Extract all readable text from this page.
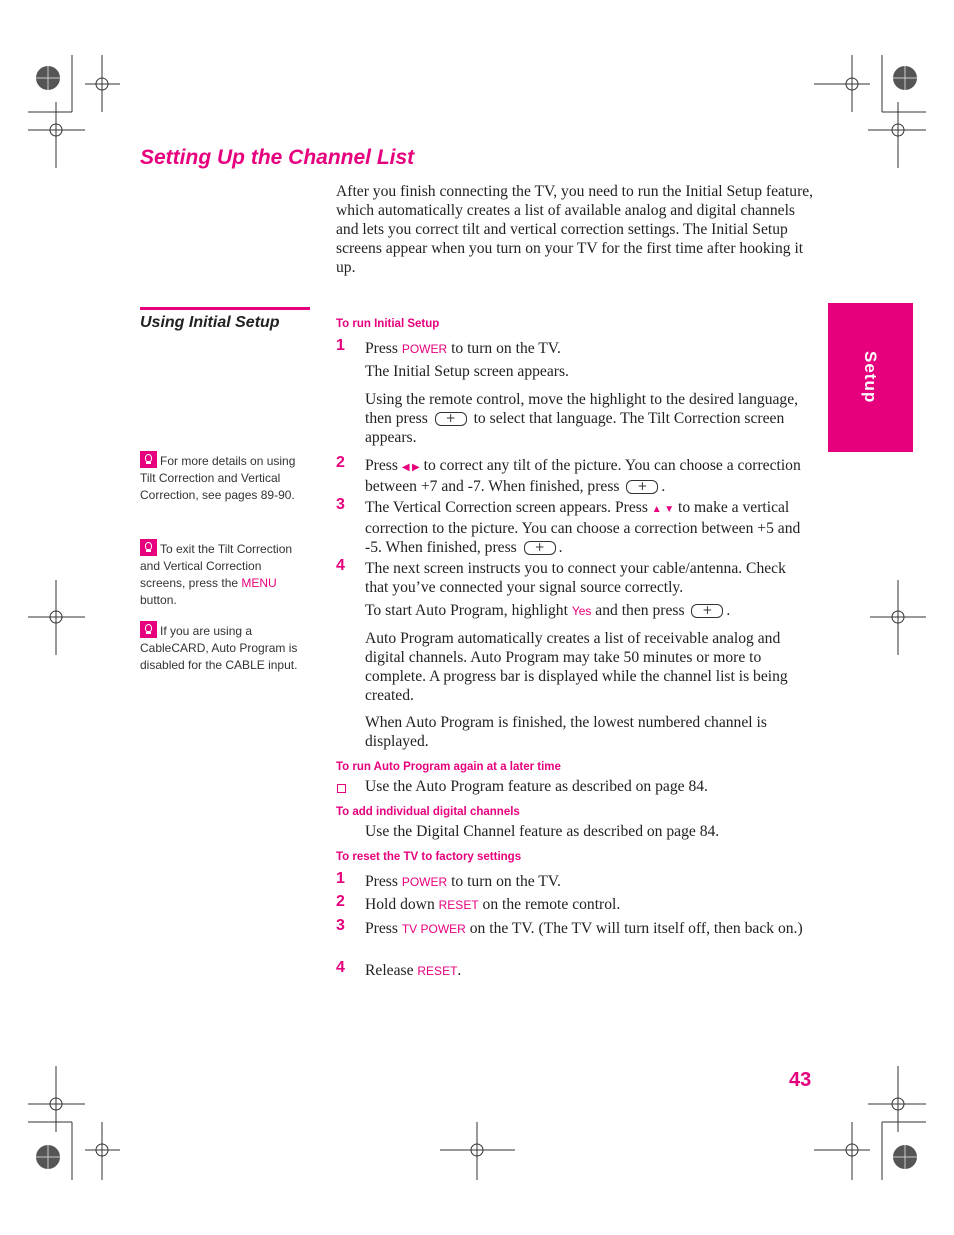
Setting Up the Channel List
After you finish connecting the TV, you need to run the Initial Setup feature, which automatically creates a list of available analog and digital channels and lets you correct tilt and vertical correction settings. The Initial Setup screens appear when you turn on your TV for the first time after hooking it up.
Using Initial Setup
Setup
For more details on using Tilt Correction and Vertical Correction, see pages 89-90.
To exit the Tilt Correction and Vertical Correction screens, press the MENU button.
If you are using a CableCARD, Auto Program is disabled for the CABLE input.
To run Initial Setup
1 Press POWER to turn on the TV.
The Initial Setup screen appears.
Using the remote control, move the highlight to the desired language, then press + to select that language. The Tilt Correction screen appears.
2 Press ◀ ▶ to correct any tilt of the picture. You can choose a correction between +7 and -7. When finished, press +.
3 The Vertical Correction screen appears. Press ▲ ▼ to make a vertical correction to the picture. You can choose a correction between +5 and -5. When finished, press +.
4 The next screen instructs you to connect your cable/antenna. Check that you’ve connected your signal source correctly.
To start Auto Program, highlight Yes and then press +.
Auto Program automatically creates a list of receivable analog and digital channels. Auto Program may take 50 minutes or more to complete. A progress bar is displayed while the channel list is being created.
When Auto Program is finished, the lowest numbered channel is displayed.
To run Auto Program again at a later time
Use the Auto Program feature as described on page 84.
To add individual digital channels
Use the Digital Channel feature as described on page 84.
To reset the TV to factory settings
1 Press POWER to turn on the TV.
2 Hold down RESET on the remote control.
3 Press TV POWER on the TV. (The TV will turn itself off, then back on.)
4 Release RESET.
43
